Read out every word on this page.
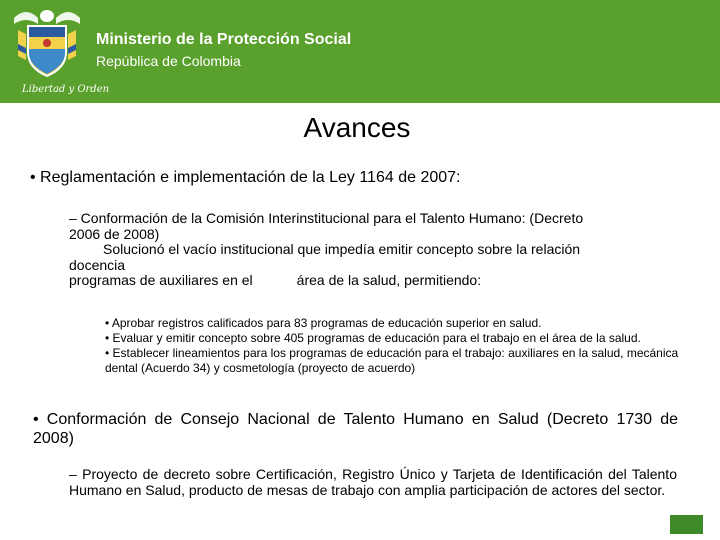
Libertad y Orden
Ministerio de la Protección Social
República de Colombia
Avances
• Reglamentación e implementación de la Ley 1164 de 2007:
– Conformación de la Comisión Interinstitucional para el Talento Humano: (Decreto
2006 de 2008)
Solucionó el vacío institucional que impedía emitir concepto sobre la relación
docencia
programas de auxiliares en el	área de la salud, permitiendo:
• Aprobar registros calificados para 83 programas de educación superior en salud.
• Evaluar y emitir concepto sobre 405 programas de educación para el trabajo en el área de la salud.
• Establecer lineamientos para los programas de educación para el trabajo: auxiliares en la salud, mecánica dental (Acuerdo 34) y cosmetología (proyecto de acuerdo)
• Conformación de Consejo Nacional de Talento Humano en Salud (Decreto 1730 de 2008)
– Proyecto de decreto sobre Certificación, Registro Único y Tarjeta de Identificación del Talento Humano en Salud, producto de mesas de trabajo con amplia participación de actores del sector.
